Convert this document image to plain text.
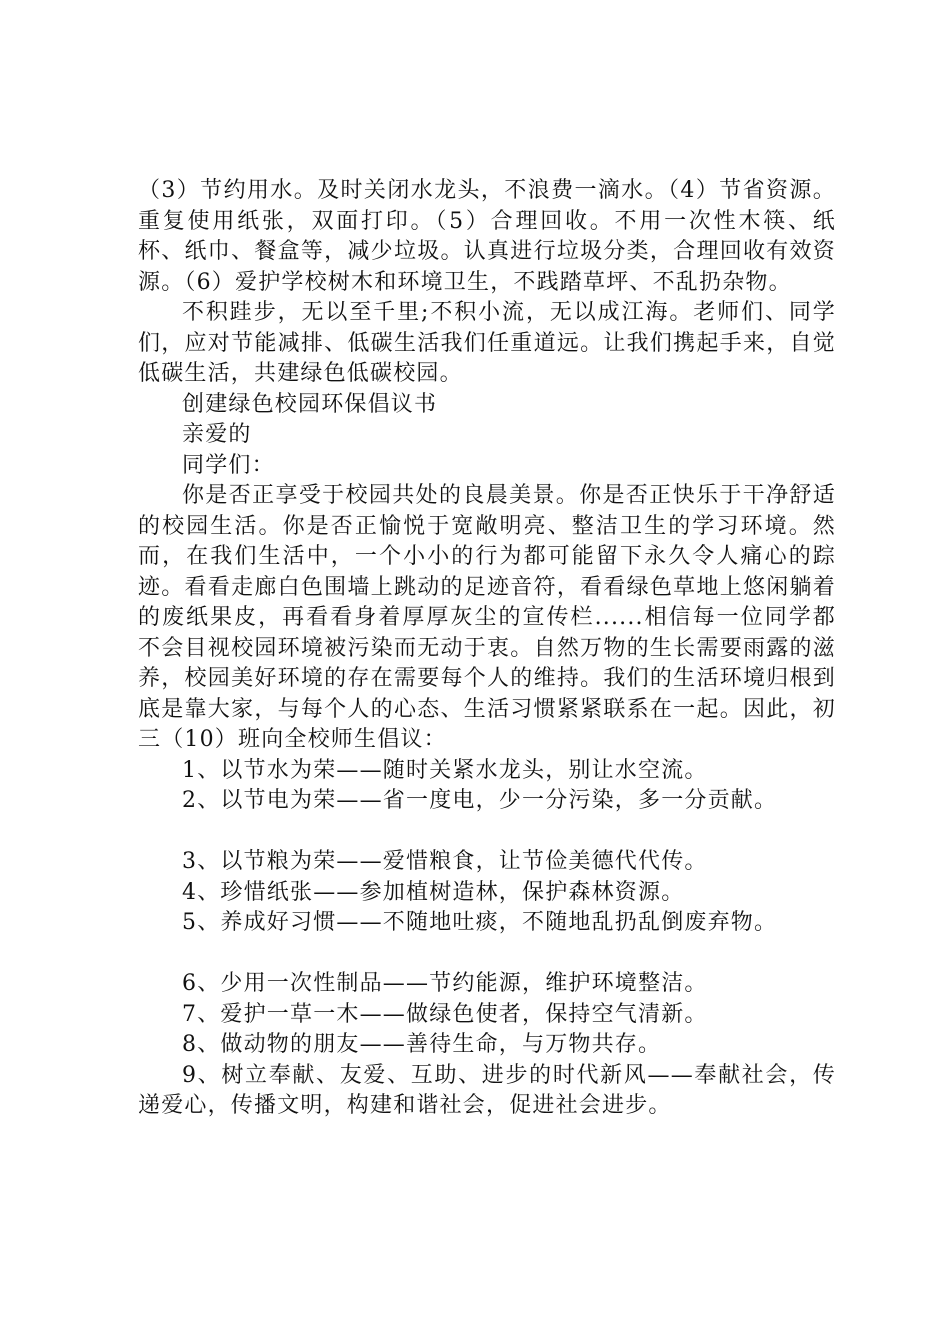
（3）节约用水。及时关闭水龙头，不浪费一滴水。（4）节省资源。重复使用纸张，双面打印。（5）合理回收。不用一次性木筷、纸杯、纸巾、餐盒等，减少垃圾。认真进行垃圾分类，合理回收有效资源。（6）爱护学校树木和环境卫生，不践踏草坪、不乱扔杂物。

不积跬步，无以至千里;不积小流，无以成江海。老师们、同学们，应对节能减排、低碳生活我们任重道远。让我们携起手来，自觉低碳生活，共建绿色低碳校园。

创建绿色校园环保倡议书

亲爱的

同学们：

你是否正享受于校园共处的良晨美景。你是否正快乐于干净舒适的校园生活。你是否正愉悦于宽敞明亮、整洁卫生的学习环境。然而，在我们生活中，一个小小的行为都可能留下永久令人痛心的踪迹。看看走廊白色围墙上跳动的足迹音符，看看绿色草地上悠闲躺着的废纸果皮，再看看身着厚厚灰尘的宣传栏......相信每一位同学都不会目视校园环境被污染而无动于衷。自然万物的生长需要雨露的滋养，校园美好环境的存在需要每个人的维持。我们的生活环境归根到底是靠大家，与每个人的心态、生活习惯紧紧联系在一起。因此，初三（10）班向全校师生倡议：

1、以节水为荣——随时关紧水龙头，别让水空流。

2、以节电为荣——省一度电，少一分污染，多一分贡献。

3、以节粮为荣——爱惜粮食，让节俭美德代代传。

4、珍惜纸张——参加植树造林，保护森林资源。

5、养成好习惯——不随地吐痰，不随地乱扔乱倒废弃物。

6、少用一次性制品——节约能源，维护环境整洁。

7、爱护一草一木——做绿色使者，保持空气清新。

8、做动物的朋友——善待生命，与万物共存。

9、树立奉献、友爱、互助、进步的时代新风——奉献社会，传递爱心，传播文明，构建和谐社会，促进社会进步。
